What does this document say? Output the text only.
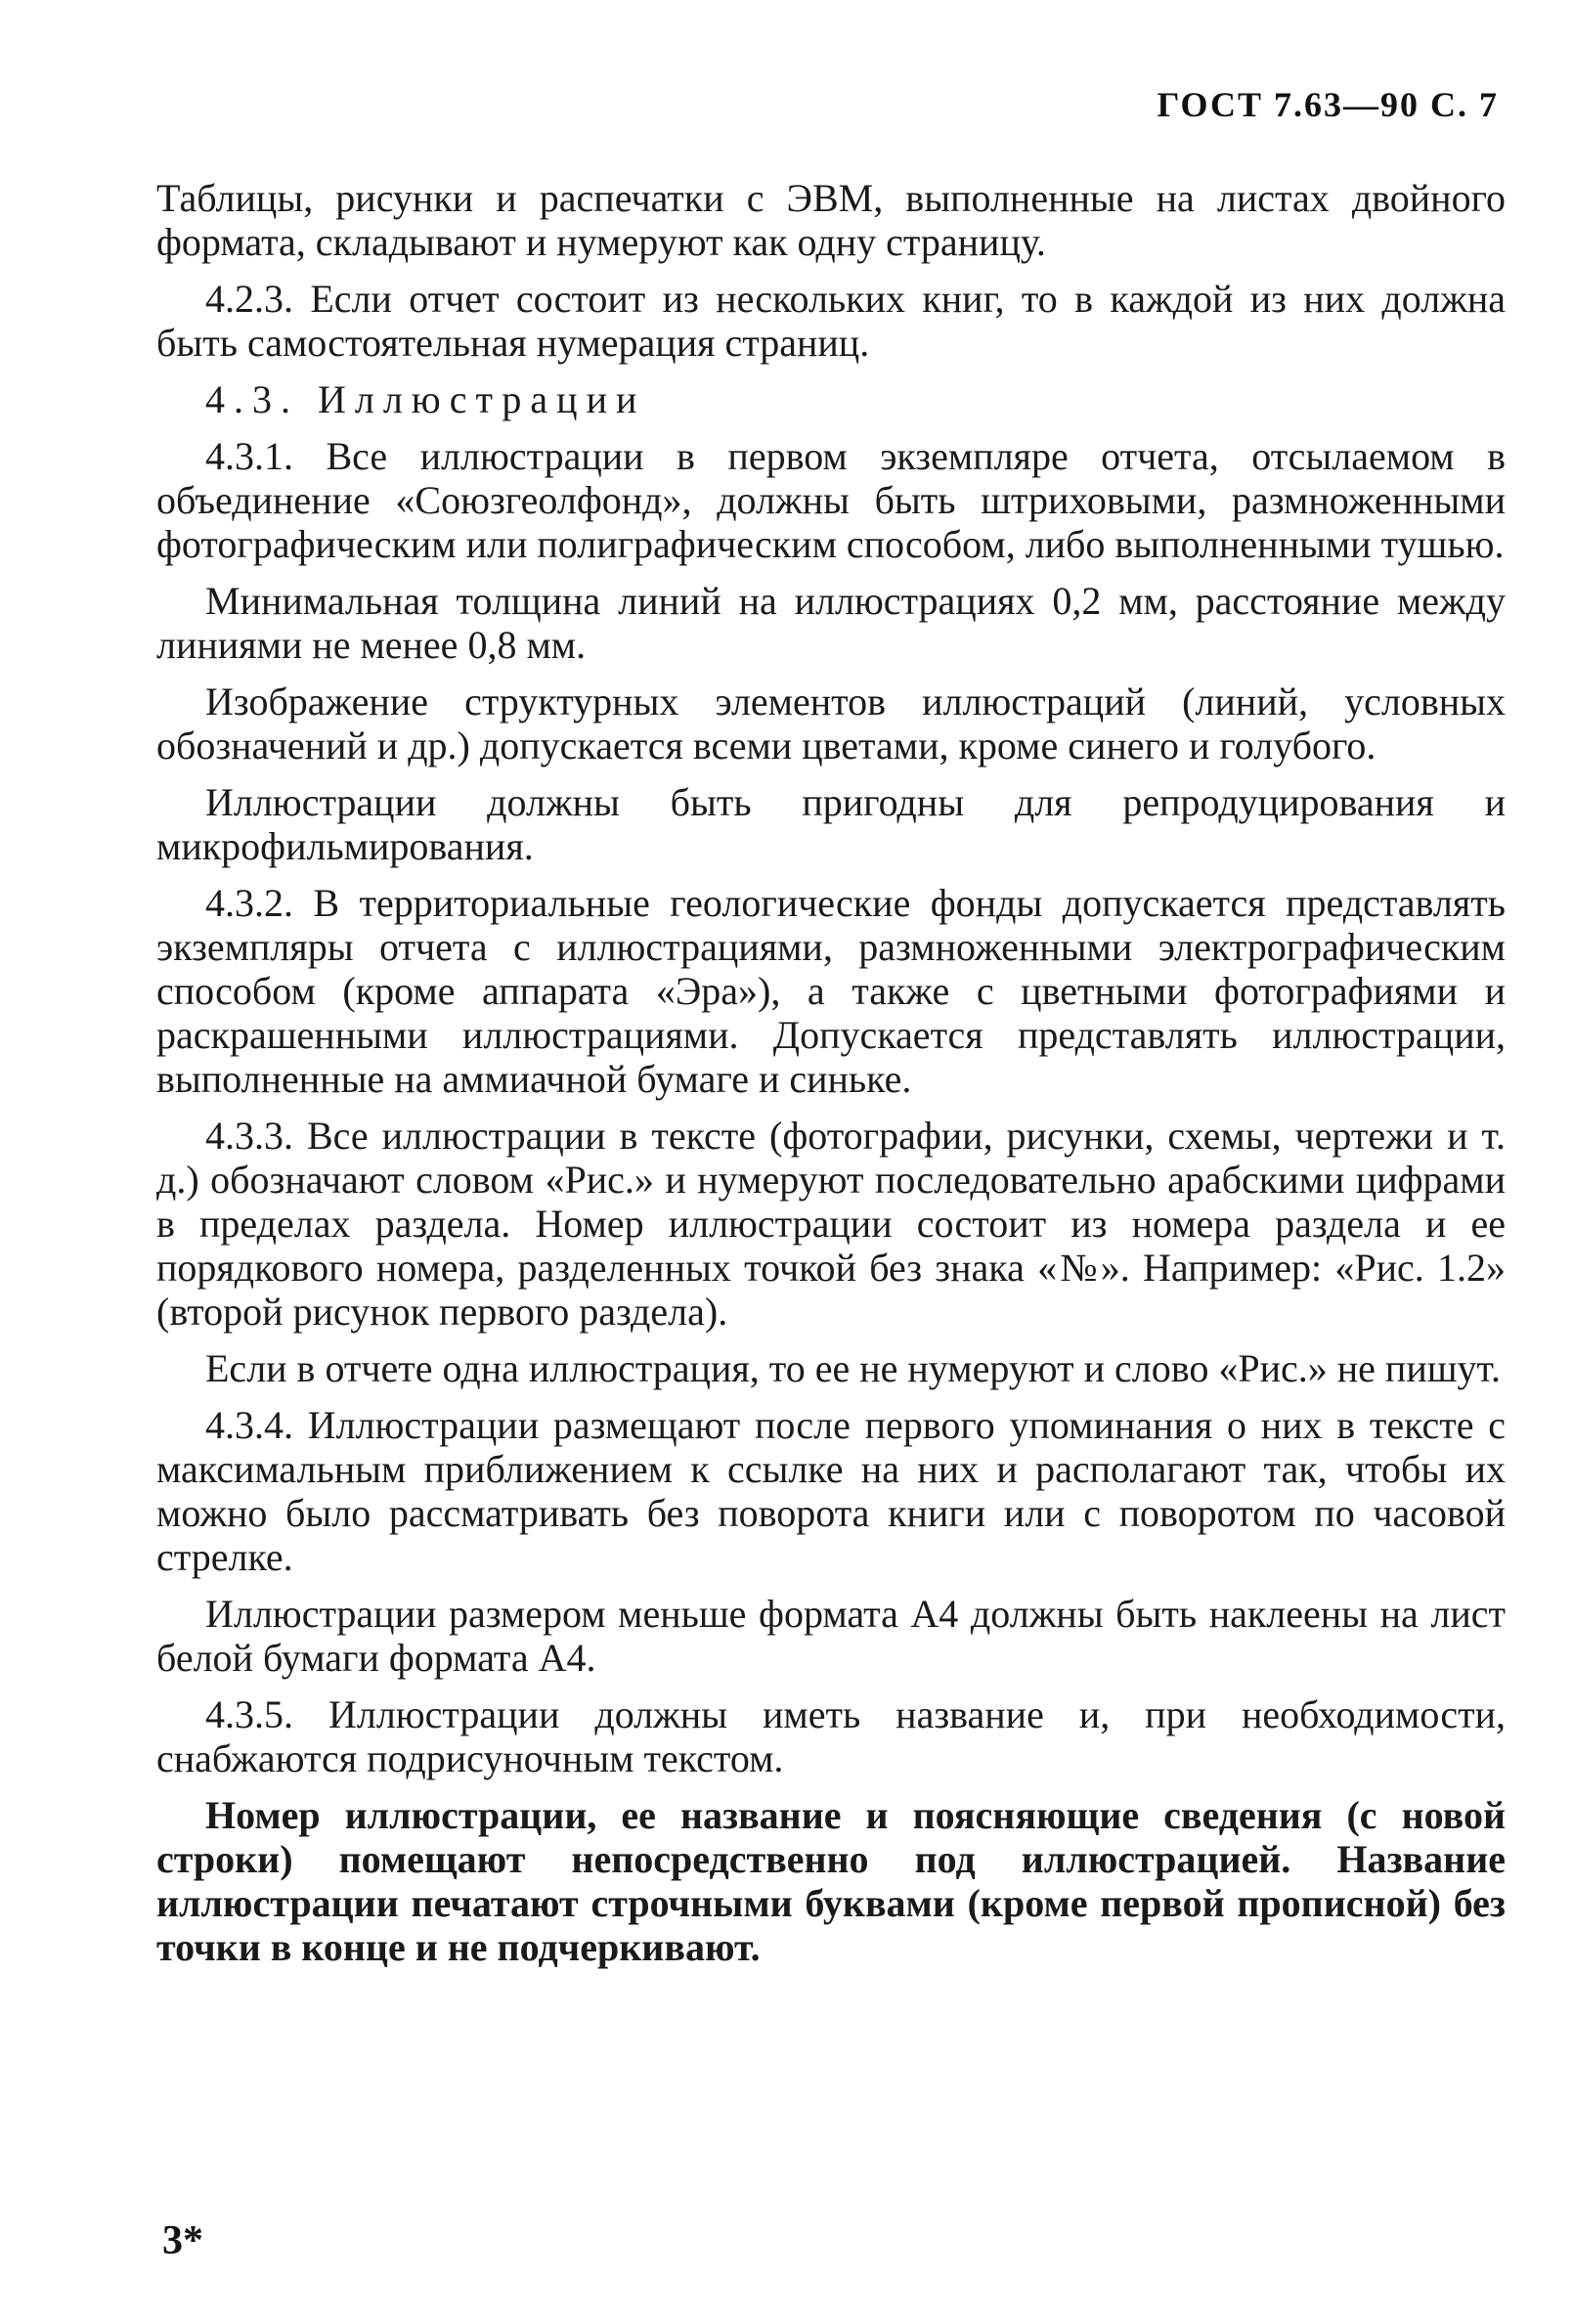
ГОСТ 7.63—90 С. 7

Таблицы, рисунки и распечатки с ЭВМ, выполненные на листах двойного формата, складывают и нумеруют как одну страницу.

4.2.3. Если отчет состоит из нескольких книг, то в каждой из них должна быть самостоятельная нумерация страниц.

4.3. Иллюстрации

4.3.1. Все иллюстрации в первом экземпляре отчета, отсылаемом в объединение «Союзгеолфонд», должны быть штриховыми, размноженными фотографическим или полиграфическим способом, либо выполненными тушью.

Минимальная толщина линий на иллюстрациях 0,2 мм, расстояние между линиями не менее 0,8 мм.

Изображение структурных элементов иллюстраций (линий, условных обозначений и др.) допускается всеми цветами, кроме синего и голубого.

Иллюстрации должны быть пригодны для репродуцирования и микрофильмирования.

4.3.2. В территориальные геологические фонды допускается представлять экземпляры отчета с иллюстрациями, размноженными электрографическим способом (кроме аппарата «Эра»), а также с цветными фотографиями и раскрашенными иллюстрациями. Допускается представлять иллюстрации, выполненные на аммиачной бумаге и синьке.

4.3.3. Все иллюстрации в тексте (фотографии, рисунки, схемы, чертежи и т. д.) обозначают словом «Рис.» и нумеруют последовательно арабскими цифрами в пределах раздела. Номер иллюстрации состоит из номера раздела и ее порядкового номера, разделенных точкой без знака «№». Например: «Рис. 1.2» (второй рисунок первого раздела).

Если в отчете одна иллюстрация, то ее не нумеруют и слово «Рис.» не пишут.

4.3.4. Иллюстрации размещают после первого упоминания о них в тексте с максимальным приближением к ссылке на них и располагают так, чтобы их можно было рассматривать без поворота книги или с поворотом по часовой стрелке.

Иллюстрации размером меньше формата А4 должны быть наклеены на лист белой бумаги формата А4.

4.3.5. Иллюстрации должны иметь название и, при необходимости, снабжаются подрисуночным текстом.

Номер иллюстрации, ее название и поясняющие сведения (с новой строки) помещают непосредственно под иллюстрацией. Название иллюстрации печатают строчными буквами (кроме первой прописной) без точки в конце и не подчеркивают.

3*
